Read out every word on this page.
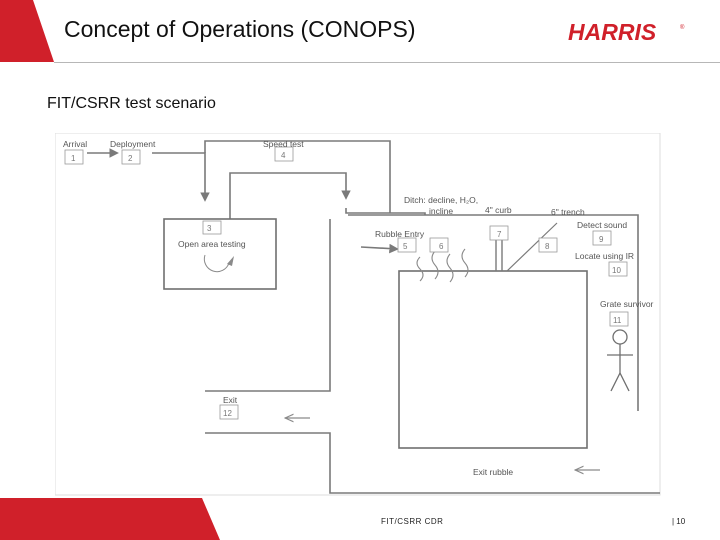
Concept of Operations (CONOPS)	HARRIS	®
FIT/CSRR test scenario
Arrival
1
Deployment
2
3
Open area testing
Speed test
4
Rubble Entry
5
Ditch: decline, H₂O,
incline
6
4" curb
7
6" trench
8
Detect sound
9
Locate using IR
10
Grate survivor
11
Exit
12
Exit rubble
FIT/CSRR CDR	| 10
